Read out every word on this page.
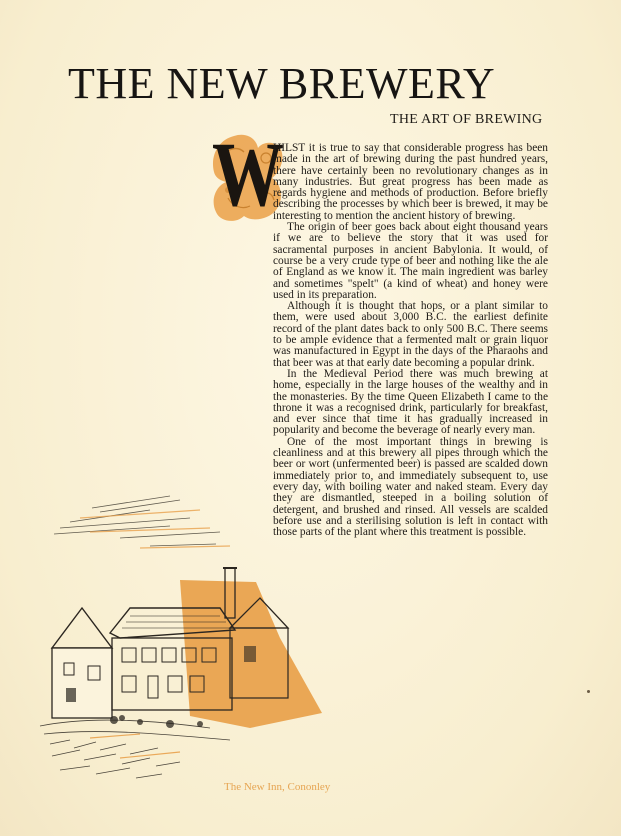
THE NEW BREWERY
THE ART OF BREWING
W

HILST it is true to say that considerable progress has been made in the art of brewing during the past hundred years, there have certainly been no revolutionary changes as in many industries. But great progress has been made as regards hygiene and methods of production. Before briefly describing the processes by which beer is brewed, it may be interesting to mention the ancient history of brewing.

The origin of beer goes back about eight thousand years if we are to believe the story that it was used for sacramental purposes in ancient Babylonia. It would, of course be a very crude type of beer and nothing like the ale of England as we know it. The main ingredient was barley and sometimes "spelt" (a kind of wheat) and honey were used in its preparation.

Although it is thought that hops, or a plant similar to them, were used about 3,000 B.C. the earliest definite record of the plant dates back to only 500 B.C. There seems to be ample evidence that a fermented malt or grain liquor was manufactured in Egypt in the days of the Pharaohs and that beer was at that early date becoming a popular drink.

In the Medieval Period there was much brewing at home, especially in the large houses of the wealthy and in the monasteries. By the time Queen Elizabeth I came to the throne it was a recognised drink, particularly for breakfast, and ever since that time it has gradually increased in popularity and become the beverage of nearly every man.

One of the most important things in brewing is cleanliness and at this brewery all pipes through which the beer or wort (unfermented beer) is passed are scalded down immediately prior to, and immediately subsequent to, use every day, with boiling water and naked steam. Every day they are dismantled, steeped in a boiling solution of detergent, and brushed and rinsed. All vessels are scalded before use and a sterilising solution is left in contact with those parts of the plant where this treatment is possible.

The New Inn, Cononley
